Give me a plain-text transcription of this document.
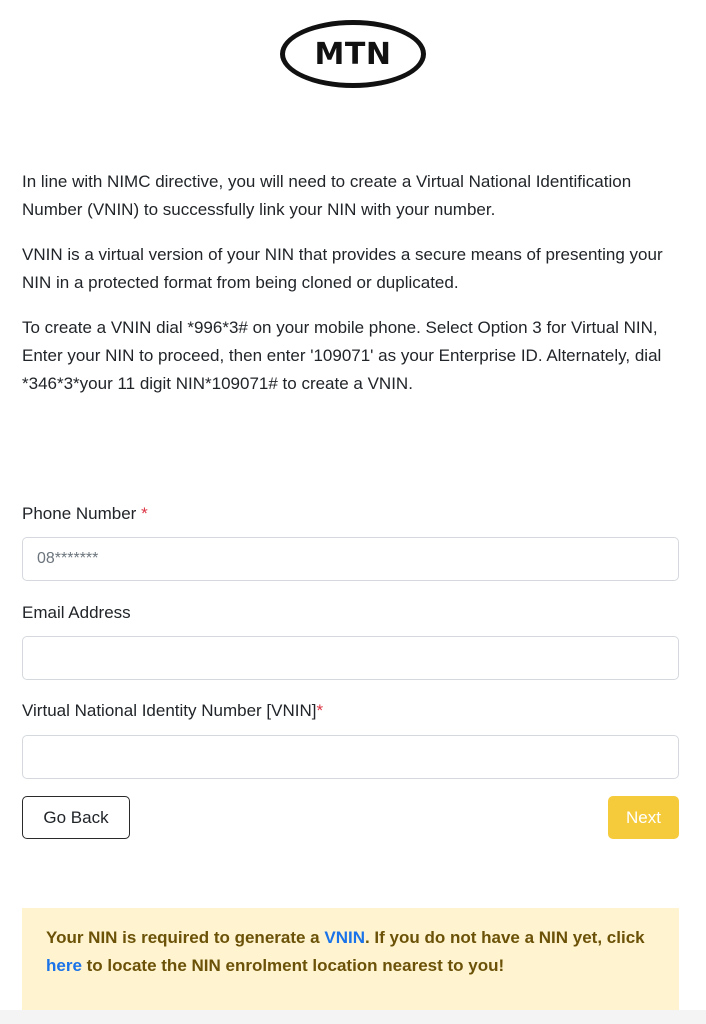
MTN

In line with NIMC directive, you will need to create a Virtual National Identification Number (VNIN) to successfully link your NIN with your number.

VNIN is a virtual version of your NIN that provides a secure means of presenting your NIN in a protected format from being cloned or duplicated.

To create a VNIN dial *996*3# on your mobile phone. Select Option 3 for Virtual NIN, Enter your NIN to proceed, then enter '109071' as your Enterprise ID. Alternately, dial *346*3*your 11 digit NIN*109071# to create a VNIN.

Phone Number *

08*******

Email Address

Virtual National Identity Number [VNIN]*

Go Back	Next
Your NIN is required to generate a VNIN. If you do not have a NIN yet, click here to locate the NIN enrolment location nearest to you!
